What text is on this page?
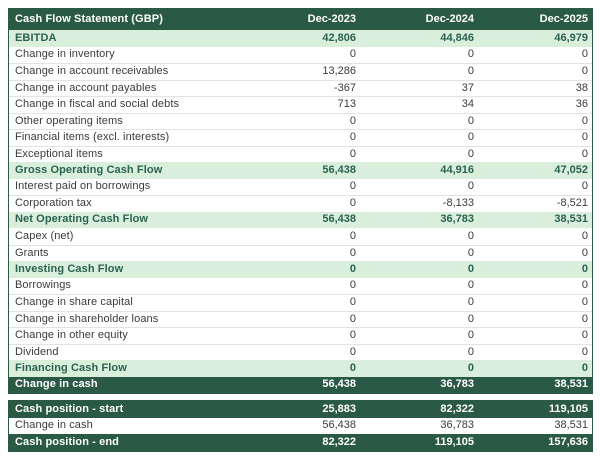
Cash Flow Statement (GBP)	Dec-2023	Dec-2024	Dec-2025
EBITDA	42,806	44,846	46,979
Change in inventory	0	0	0
Change in account receivables	13,286	0	0
Change in account payables	-367	37	38
Change in fiscal and social debts	713	34	36
Other operating items	0	0	0
Financial items (excl. interests)	0	0	0
Exceptional items	0	0	0
Gross Operating Cash Flow	56,438	44,916	47,052
Interest paid on borrowings	0	0	0
Corporation tax	0	-8,133	-8,521
Net Operating Cash Flow	56,438	36,783	38,531
Capex (net)	0	0	0
Grants	0	0	0
Investing Cash Flow	0	0	0
Borrowings	0	0	0
Change in share capital	0	0	0
Change in shareholder loans	0	0	0
Change in other equity	0	0	0
Dividend	0	0	0
Financing Cash Flow	0	0	0
Change in cash	56,438	36,783	38,531
Cash position - start	25,883	82,322	119,105
Change in cash	56,438	36,783	38,531
Cash position - end	82,322	119,105	157,636
